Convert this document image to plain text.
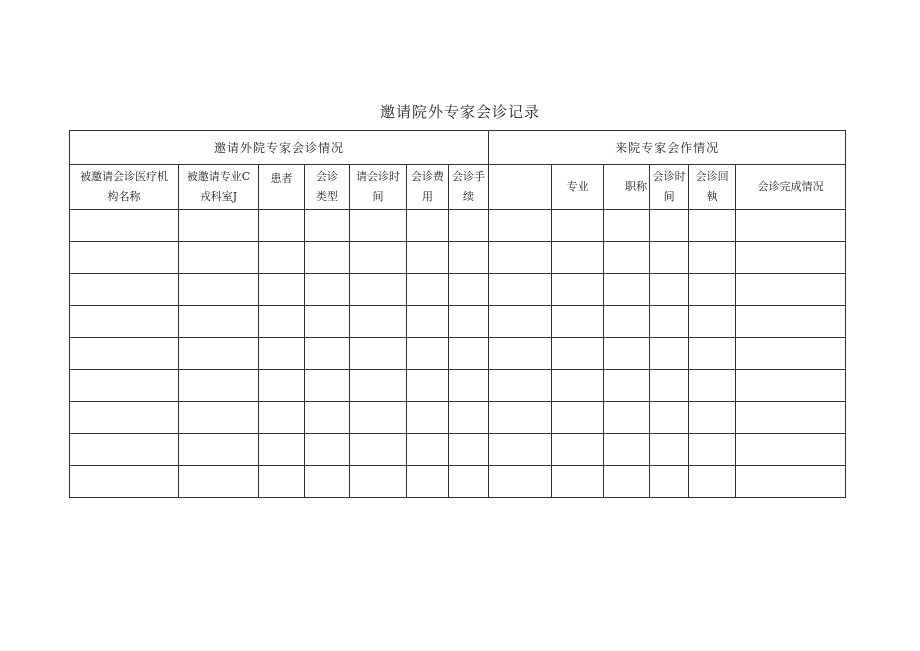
邀请院外专家会诊记录
邀请外院专家会诊情况							来院专家会作情况					
被邀请会诊医疗机构名称	被邀请专业C 戎科室J	患者	会诊类型	请会诊时间	会诊费用	会诊手续		专业	职称	会诊时间	会诊回執	会诊完成情况
